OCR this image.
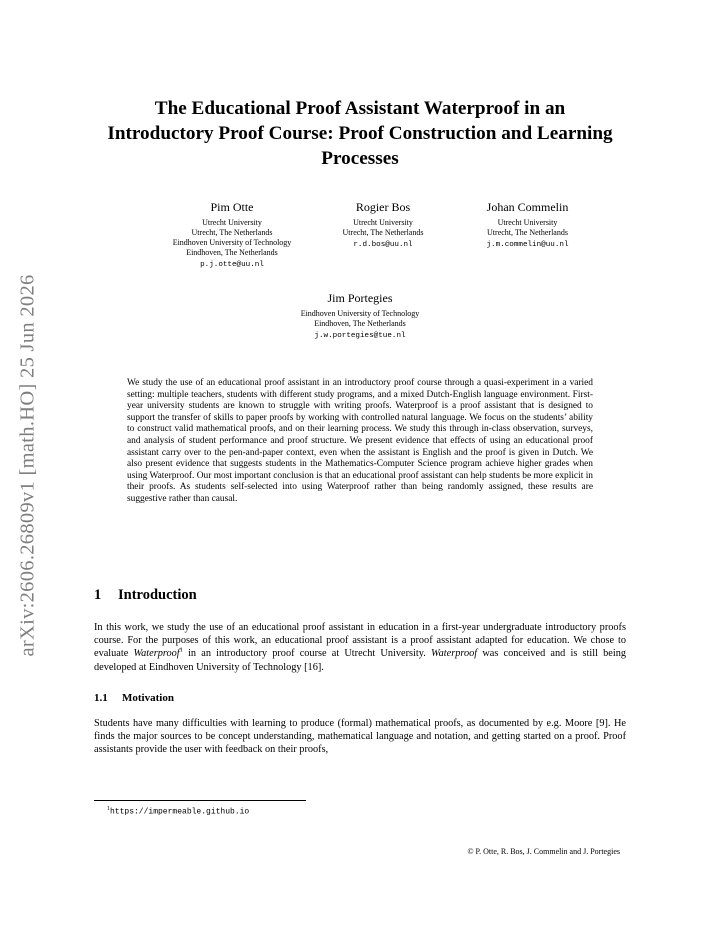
arXiv:2606.26809v1 [math.HO] 25 Jun 2026
The Educational Proof Assistant Waterproof in an
Introductory Proof Course: Proof Construction and Learning
Processes
Pim Otte
Utrecht University
Utrecht, The Netherlands
Eindhoven University of Technology
Eindhoven, The Netherlands
p.j.otte@uu.nl
Rogier Bos
Utrecht University
Utrecht, The Netherlands
r.d.bos@uu.nl
Johan Commelin
Utrecht University
Utrecht, The Netherlands
j.m.commelin@uu.nl
Jim Portegies
Eindhoven University of Technology
Eindhoven, The Netherlands
j.w.portegies@tue.nl
We study the use of an educational proof assistant in an introductory proof course through a quasi-experiment in a varied setting: multiple teachers, students with different study programs, and a mixed Dutch-English language environment. First-year university students are known to struggle with writing proofs. Waterproof is a proof assistant that is designed to support the transfer of skills to paper proofs by working with controlled natural language. We focus on the students’ ability to construct valid mathematical proofs, and on their learning process. We study this through in-class observation, surveys, and analysis of student performance and proof structure. We present evidence that effects of using an educational proof assistant carry over to the pen-and-paper context, even when the assistant is English and the proof is given in Dutch. We also present evidence that suggests students in the Mathematics-Computer Science program achieve higher grades when using Waterproof. Our most important conclusion is that an educational proof assistant can help students be more explicit in their proofs. As students self-selected into using Waterproof rather than being randomly assigned, these results are suggestive rather than causal.
1 Introduction
In this work, we study the use of an educational proof assistant in education in a first-year undergraduate introductory proofs course. For the purposes of this work, an educational proof assistant is a proof assistant adapted for education. We chose to evaluate Waterproof$^1$ in an introductory proof course at Utrecht University. Waterproof was conceived and is still being developed at Eindhoven University of Technology [16].
1.1 Motivation
Students have many difficulties with learning to produce (formal) mathematical proofs, as documented by e.g. Moore [9]. He finds the major sources to be concept understanding, mathematical language and notation, and getting started on a proof. Proof assistants provide the user with feedback on their proofs,
$^1$https://impermeable.github.io
© P. Otte, R. Bos, J. Commelin and J. Portegies
